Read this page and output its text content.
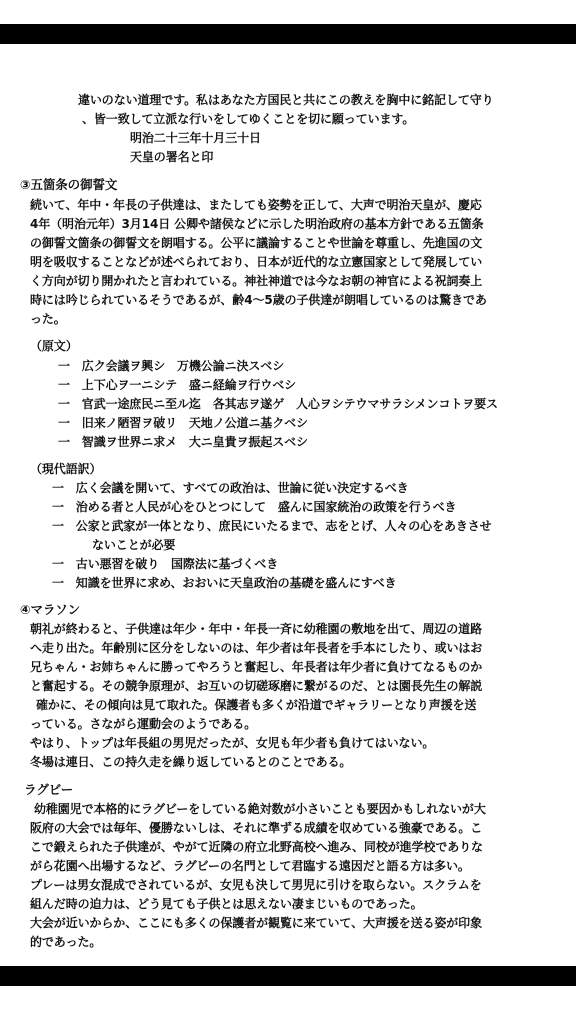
違いのない道理です。私はあなた方国民と共にこの教えを胸中に銘記して守り
、皆一致して立派な行いをしてゆくことを切に願っています。
明治二十三年十月三十日
天皇の署名と印
③五箇条の御誓文
続いて、年中・年長の子供達は、またしても姿勢を正して、大声で明治天皇が、慶応
4年（明治元年）3月14日 公卿や諸侯などに示した明治政府の基本方針である五箇条
の御誓文箇条の御誓文を朗唱する。公平に議論することや世論を尊重し、先進国の文
明を吸収することなどが述べられており、日本が近代的な立憲国家として発展してい
く方向が切り開かれたと言われている。神社神道では今なお朝の神官による祝詞奏上
時には吟じられているそうであるが、齢4～5歳の子供達が朗唱しているのは驚きであ
った。
（原文）
一　広ク会議ヲ興シ　万機公論ニ決スベシ
一　上下心ヲ一ニシテ　盛ニ経綸ヲ行ウベシ
一　官武一途庶民ニ至ル迄　各其志ヲ遂ゲ　人心ヲシテウマサラシメンコトヲ要ス
一　旧来ノ陋習ヲ破リ　天地ノ公道ニ基クベシ
一　智識ヲ世界ニ求メ　大ニ皇貴ヲ振起スベシ
（現代語訳）
一　広く会議を開いて、すべての政治は、世論に従い決定するべき
一　治める者と人民が心をひとつにして　盛んに国家統治の政策を行うべき
一　公家と武家が一体となり、庶民にいたるまで、志をとげ、人々の心をあきさせ
ないことが必要
一　古い悪習を破り　国際法に基づくべき
一　知識を世界に求め、おおいに天皇政治の基礎を盛んにすべき
④マラソン
朝礼が終わると、子供達は年少・年中・年長一斉に幼稚園の敷地を出て、周辺の道路
へ走り出た。年齢別に区分をしないのは、年少者は年長者を手本にしたり、或いはお
兄ちゃん・お姉ちゃんに勝ってやろうと奮起し、年長者は年少者に負けてなるものか
と奮起する。その競争原理が、お互いの切磋琢磨に繋がるのだ、とは園長先生の解説
確かに、その傾向は見て取れた。保護者も多くが沿道でギャラリーとなり声援を送
っている。さながら運動会のようである。
やはり、トップは年長組の男児だったが、女児も年少者も負けてはいない。
冬場は連日、この持久走を繰り返しているとのことである。
ラグビー
幼稚園児で本格的にラグビーをしている絶対数が小さいことも要因かもしれないが大
阪府の大会では毎年、優勝ないしは、それに準ずる成績を収めている強豪である。こ
こで鍛えられた子供達が、やがて近隣の府立北野高校へ進み、同校が進学校でありな
がら花園へ出場するなど、ラグビーの名門として君臨する遠因だと語る方は多い。
プレーは男女混成でされているが、女児も決して男児に引けを取らない。スクラムを
組んだ時の迫力は、どう見ても子供とは思えない凄まじいものであった。
大会が近いからか、ここにも多くの保護者が観覧に来ていて、大声援を送る姿が印象
的であった。
